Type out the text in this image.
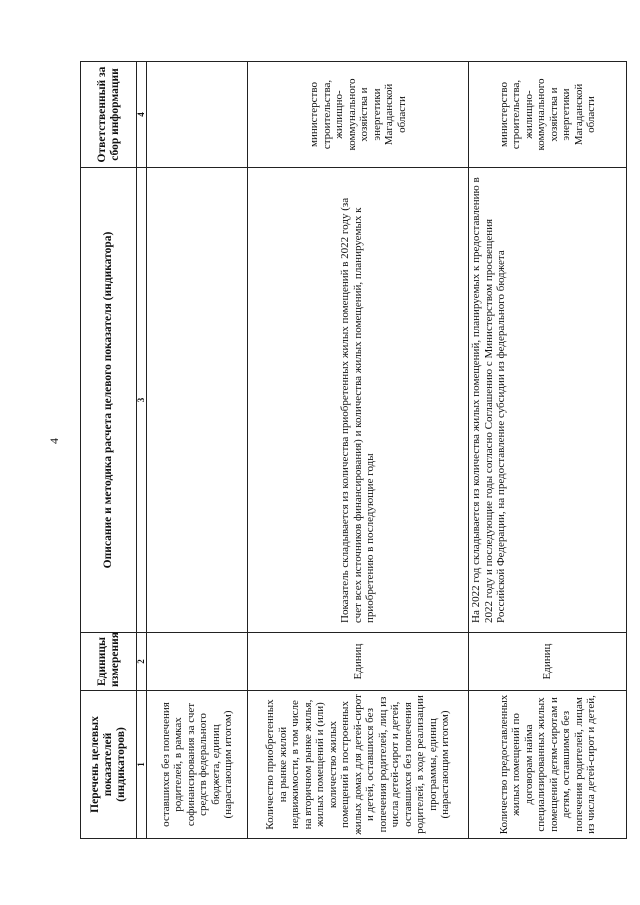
4
Перечень целевых показателей (индикаторов)	Единицы измерения	Описание и методика расчета целевого показателя (индикатора)	Ответственный за сбор информации
1	2	3	4
оставшихся без попечения родителей, в рамках софинансирования за счет средств федерального бюджета, единиц (нарастающим итогом)			
Количество приобретенных на рынке жилой недвижимости, в том числе на вторичном рынке жилья, жилых помещений и (или) количество жилых помещений в построенных жилых домах для детей-сирот и детей, оставшихся без попечения родителей, лиц из числа детей-сирот и детей, оставшихся без попечения родителей, в ходе реализации программы, единиц (нарастающим итогом)	Единиц	Показатель складывается из количества приобретенных жилых помещений в 2022 году (за счет всех источников финансирования) и количества жилых помещений, планируемых к приобретению в последующие годы	министерство строительства, жилищно-коммунального хозяйства и энергетики Магаданской области
Количество предоставленных жилых помещений по договорам найма специализированных жилых помещений детям-сиротам и детям, оставшимся без попечения родителей, лицам из числа детей-сирот и детей,	Единиц	На 2022 год складывается из количества жилых помещений, планируемых к предоставлению в 2022 году и последующие годы согласно Соглашению с Министерством просвещения Российской Федерации, на предоставление субсидии из федерального бюджета	министерство строительства, жилищно-коммунального хозяйства и энергетики Магаданской области
